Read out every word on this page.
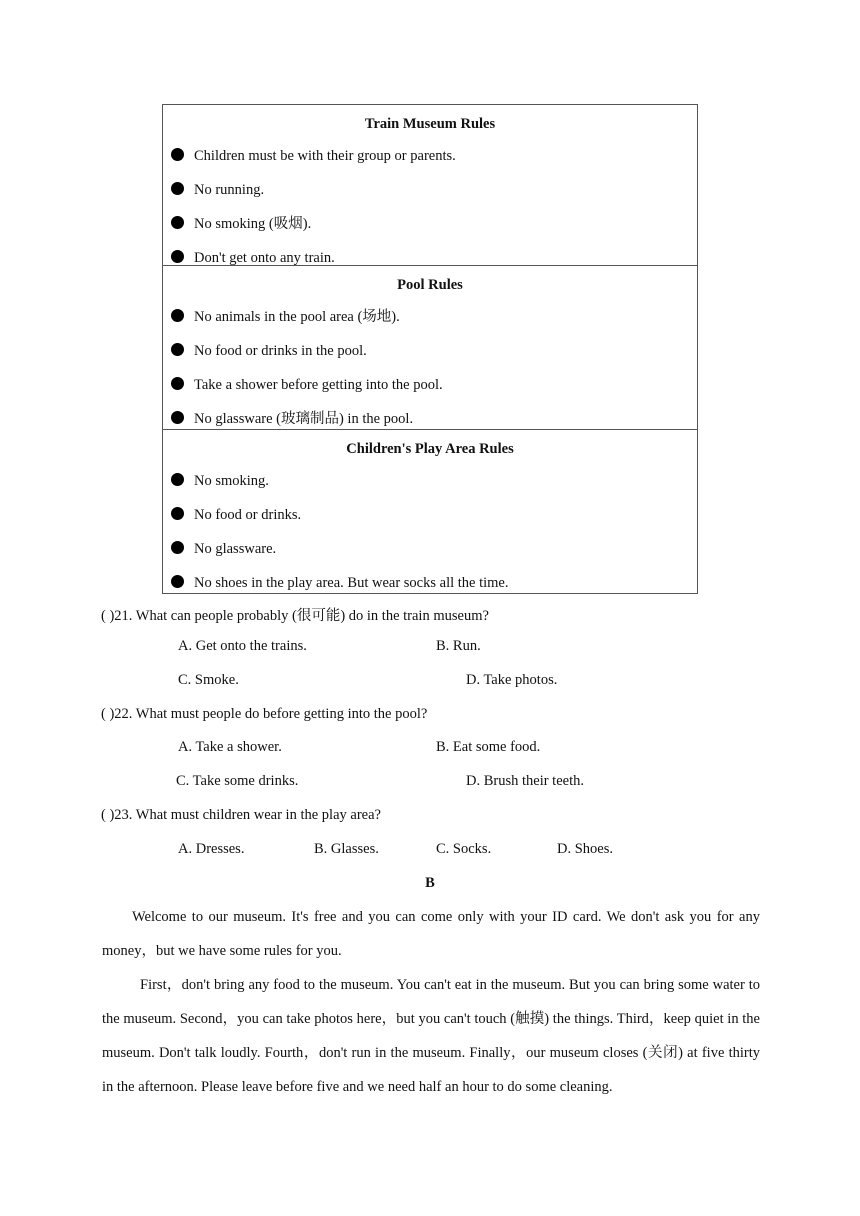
Train Museum Rules
Children must be with their group or parents.
No running.
No smoking (吸烟).
Don't get onto any train.
Pool Rules
No animals in the pool area (场地).
No food or drinks in the pool.
Take a shower before getting into the pool.
No glassware (玻璃制品) in the pool.
Children's Play Area Rules
No smoking.
No food or drinks.
No glassware.
No shoes in the play area. But wear socks all the time.
( )21. What can people probably (很可能) do in the train museum?
A. Get onto the trains.	B. Run.
C. Smoke.	D. Take photos.
( )22. What must people do before getting into the pool?
A. Take a shower.	B. Eat some food.
C. Take some drinks.	D. Brush their teeth.
( )23. What must children wear in the play area?
A. Dresses.	B. Glasses.	C. Socks.	D. Shoes.
B
Welcome to our museum. It's free and you can come only with your ID card. We don't ask you for any money，but we have some rules for you.
First，don't bring any food to the museum. You can't eat in the museum. But you can bring some water to the museum. Second，you can take photos here，but you can't touch (触摸) the things. Third，keep quiet in the museum. Don't talk loudly. Fourth，don't run in the museum. Finally，our museum closes (关闭) at five thirty in the afternoon. Please leave before five and we need half an hour to do some cleaning.
